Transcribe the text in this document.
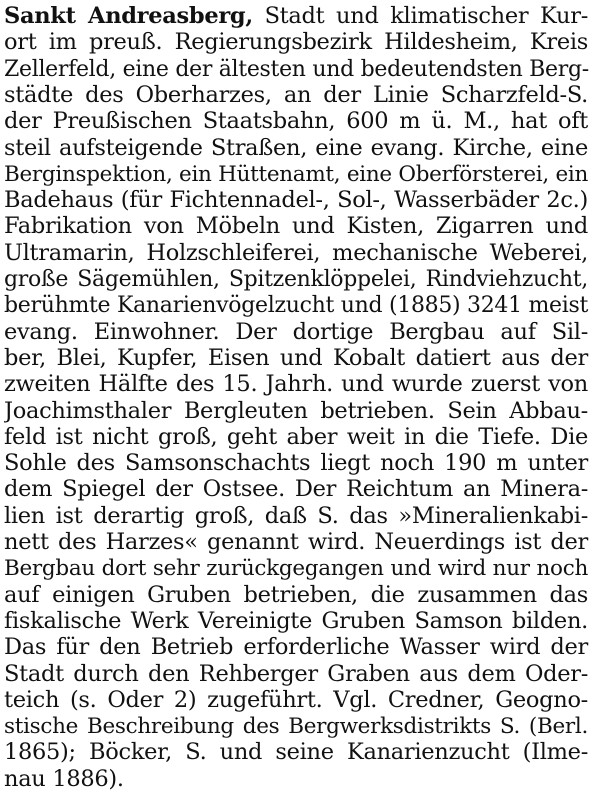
Sankt Andreasberg, Stadt und klimatischer Kur-
ort im preuß. Regierungsbezirk Hildesheim, Kreis
Zellerfeld, eine der ältesten und bedeutendsten Berg-
städte des Oberharzes, an der Linie Scharzfeld-S.
der Preußischen Staatsbahn, 600 m ü. M., hat oft
steil aufsteigende Straßen, eine evang. Kirche, eine
Berginspektion, ein Hüttenamt, eine Oberförsterei, ein
Badehaus (für Fichtennadel-, Sol-, Wasserbäder 2c.)
Fabrikation von Möbeln und Kisten, Zigarren und
Ultramarin, Holzschleiferei, mechanische Weberei,
große Sägemühlen, Spitzenklöppelei, Rindviehzucht,
berühmte Kanarienvögelzucht und (1885) 3241 meist
evang. Einwohner. Der dortige Bergbau auf Sil-
ber, Blei, Kupfer, Eisen und Kobalt datiert aus der
zweiten Hälfte des 15. Jahrh. und wurde zuerst von
Joachimsthaler Bergleuten betrieben. Sein Abbau-
feld ist nicht groß, geht aber weit in die Tiefe. Die
Sohle des Samsonschachts liegt noch 190 m unter
dem Spiegel der Ostsee. Der Reichtum an Minera-
lien ist derartig groß, daß S. das »Mineralienkabi-
nett des Harzes« genannt wird. Neuerdings ist der
Bergbau dort sehr zurückgegangen und wird nur noch
auf einigen Gruben betrieben, die zusammen das
fiskalische Werk Vereinigte Gruben Samson bilden.
Das für den Betrieb erforderliche Wasser wird der
Stadt durch den Rehberger Graben aus dem Oder-
teich (s. Oder 2) zugeführt. Vgl. Credner, Geogno-
stische Beschreibung des Bergwerksdistrikts S. (Berl.
1865); Böcker, S. und seine Kanarienzucht (Ilme-
nau 1886).
